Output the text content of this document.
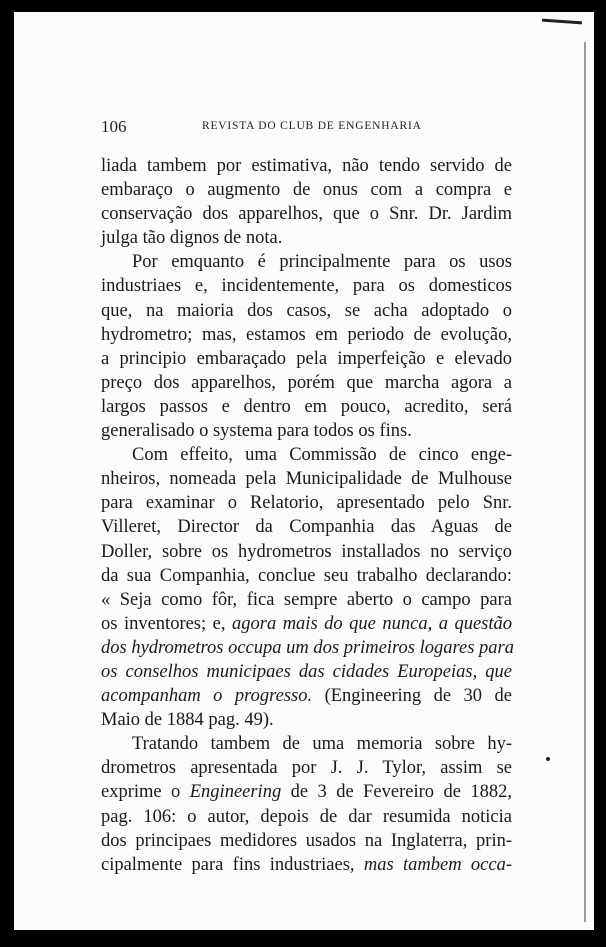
106	REVISTA DO CLUB DE ENGENHARIA
liada tambem por estimativa, não tendo servido de
embaraço o augmento de onus com a compra e
conservação dos apparelhos, que o Snr. Dr. Jardim
julga tão dignos de nota.
Por emquanto é principalmente para os usos
industriaes e, incidentemente, para os domesticos
que, na maioria dos casos, se acha adoptado o
hydrometro; mas, estamos em periodo de evolução,
a principio embaraçado pela imperfeição e elevado
preço dos apparelhos, porém que marcha agora a
largos passos e dentro em pouco, acredito, será
generalisado o systema para todos os fins.
Com effeito, uma Commissão de cinco enge-
nheiros, nomeada pela Municipalidade de Mulhouse
para examinar o Relatorio, apresentado pelo Snr.
Villeret, Director da Companhia das Aguas de
Doller, sobre os hydrometros installados no serviço
da sua Companhia, conclue seu trabalho declarando:
« Seja como fôr, fica sempre aberto o campo para
os inventores; e, agora mais do que nunca, a questão
dos hydrometros occupa um dos primeiros logares para
os conselhos municipaes das cidades Europeias, que
acompanham o progresso. (Engineering de 30 de
Maio de 1884 pag. 49).
Tratando tambem de uma memoria sobre hy-
drometros apresentada por J. J. Tylor, assim se
exprime o Engineering de 3 de Fevereiro de 1882,
pag. 106: o autor, depois de dar resumida noticia
dos principaes medidores usados na Inglaterra, prin-
cipalmente para fins industriaes, mas tambem occa-
